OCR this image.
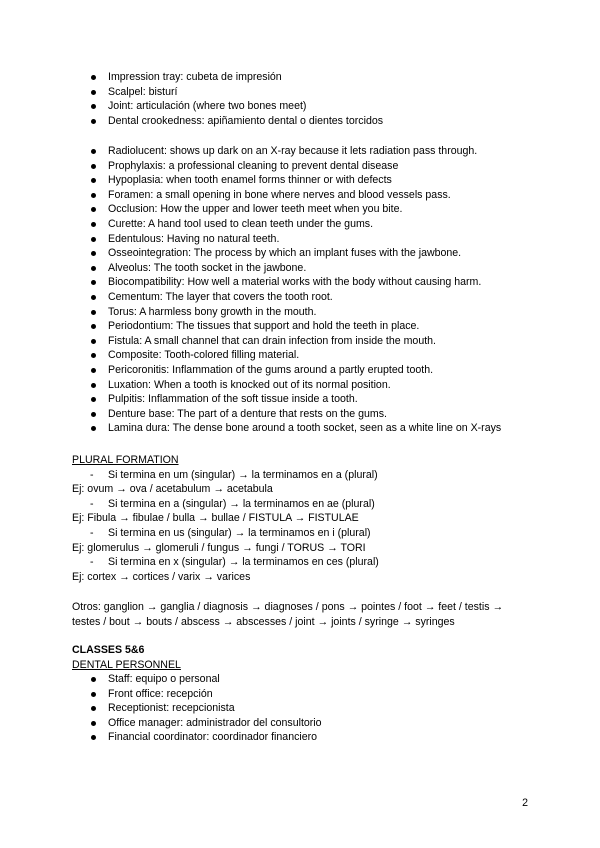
Impression tray: cubeta de impresión
Scalpel: bisturí
Joint: articulación (where two bones meet)
Dental crookedness: apiñamiento dental o dientes torcidos
Radiolucent: shows up dark on an X-ray because it lets radiation pass through.
Prophylaxis: a professional cleaning to prevent dental disease
Hypoplasia: when tooth enamel forms thinner or with defects
Foramen: a small opening in bone where nerves and blood vessels pass.
Occlusion: How the upper and lower teeth meet when you bite.
Curette: A hand tool used to clean teeth under the gums.
Edentulous: Having no natural teeth.
Osseointegration: The process by which an implant fuses with the jawbone.
Alveolus: The tooth socket in the jawbone.
Biocompatibility: How well a material works with the body without causing harm.
Cementum: The layer that covers the tooth root.
Torus: A harmless bony growth in the mouth.
Periodontium: The tissues that support and hold the teeth in place.
Fistula: A small channel that can drain infection from inside the mouth.
Composite: Tooth-colored filling material.
Pericoronitis: Inflammation of the gums around a partly erupted tooth.
Luxation: When a tooth is knocked out of its normal position.
Pulpitis: Inflammation of the soft tissue inside a tooth.
Denture base: The part of a denture that rests on the gums.
Lamina dura: The dense bone around a tooth socket, seen as a white line on X-rays
PLURAL FORMATION
- Si termina en um (singular) → la terminamos en a (plural)
Ej: ovum → ova / acetabulum → acetabula
- Si termina en a (singular) → la terminamos en ae (plural)
Ej: Fibula → fibulae / bulla → bullae / FISTULA → FISTULAE
- Si termina en us (singular) → la terminamos en i (plural)
Ej: glomerulus → glomeruli / fungus → fungi / TORUS → TORI
- Si termina en x (singular) → la terminamos en ces (plural)
Ej: cortex → cortices / varix → varices
Otros: ganglion → ganglia / diagnosis → diagnoses / pons → pointes / foot → feet / testis →
testes / bout → bouts / abscess → abscesses / joint → joints / syringe → syringes
CLASSES 5&6
DENTAL PERSONNEL
Staff: equipo o personal
Front office: recepción
Receptionist: recepcionista
Office manager: administrador del consultorio
Financial coordinator: coordinador financiero
2
